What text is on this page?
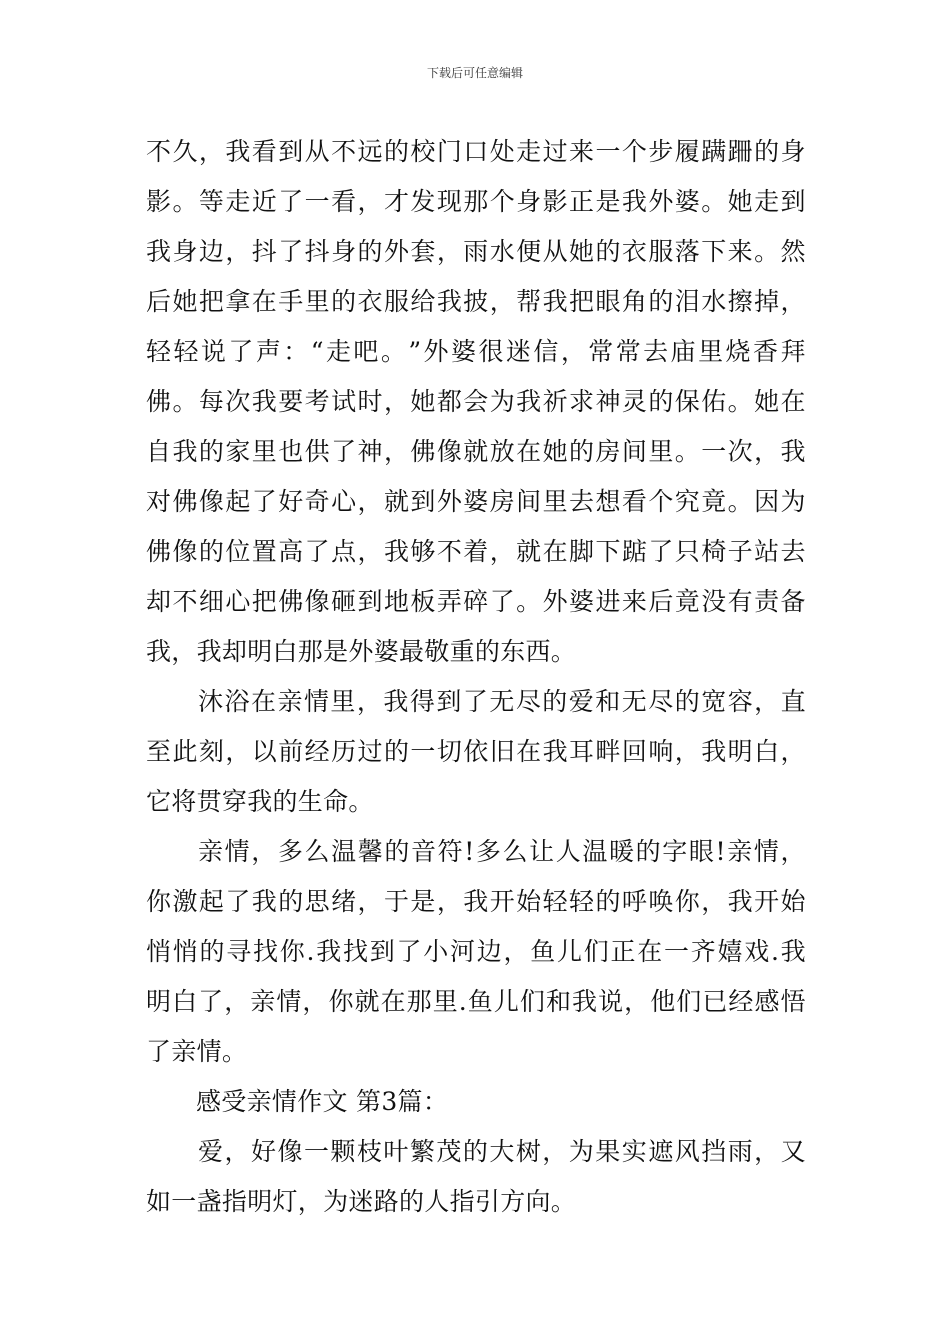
下载后可任意编辑
不 久 ， 我 看 到 从 不 远 的 校 门 口 处 走 过 来 一 个 步 履 蹒 跚 的 身
影 。 等 走 近 了 一 看 ， 才 发 现 那 个 身 影 正 是 我 外 婆 。 她 走 到
我 身 边 ， 抖 了 抖 身 的 外 套 ， 雨 水 便 从 她 的 衣 服 落 下 来 。 然
后 她 把 拿 在 手 里 的 衣 服 给 我 披 ， 帮 我 把 眼 角 的 泪 水 擦 掉 ，
轻 轻 说 了 声 ： “ 走 吧 。 ” 外 婆 很 迷 信 ， 常 常 去 庙 里 烧 香 拜
佛 。 每 次 我 要 考 试 时 ， 她 都 会 为 我 祈 求 神 灵 的 保 佑 。 她 在
自 我 的 家 里 也 供 了 神 ， 佛 像 就 放 在 她 的 房 间 里 。 一 次 ， 我
对 佛 像 起 了 好 奇 心 ， 就 到 外 婆 房 间 里 去 想 看 个 究 竟 。 因 为
佛 像 的 位 置 高 了 点 ， 我 够 不 着 ， 就 在 脚 下 踮 了 只 椅 子 站 去
却 不 细 心 把 佛 像 砸 到 地 板 弄 碎 了 。 外 婆 进 来 后 竟 没 有 责 备
我，我却明白那是外婆最敬重的东西。
沐 浴 在 亲 情 里 ， 我 得 到 了 无 尽 的 爱 和 无 尽 的 宽 容 ， 直
至 此 刻 ， 以 前 经 历 过 的 一 切 依 旧 在 我 耳 畔 回 响 ， 我 明 白 ，
它将贯穿我的生命。
亲 情 ， 多 么 温 馨 的 音 符 ! 多 么 让 人 温 暖 的 字 眼 ! 亲 情 ，
你 激 起 了 我 的 思 绪 ， 于 是 ， 我 开 始 轻 轻 的 呼 唤 你 ， 我 开 始
悄 悄 的 寻 找 你 . 我 找 到 了 小 河 边 ， 鱼 儿 们 正 在 一 齐 嬉 戏 . 我
明 白 了 ， 亲 情 ， 你 就 在 那 里 . 鱼 儿 们 和 我 说 ， 他 们 已 经 感 悟
了亲情。
感受亲情作文 第3篇：
爱 ， 好 像 一 颗 枝 叶 繁 茂 的 大 树 ， 为 果 实 遮 风 挡 雨 ， 又
如一盏指明灯，为迷路的人指引方向。
